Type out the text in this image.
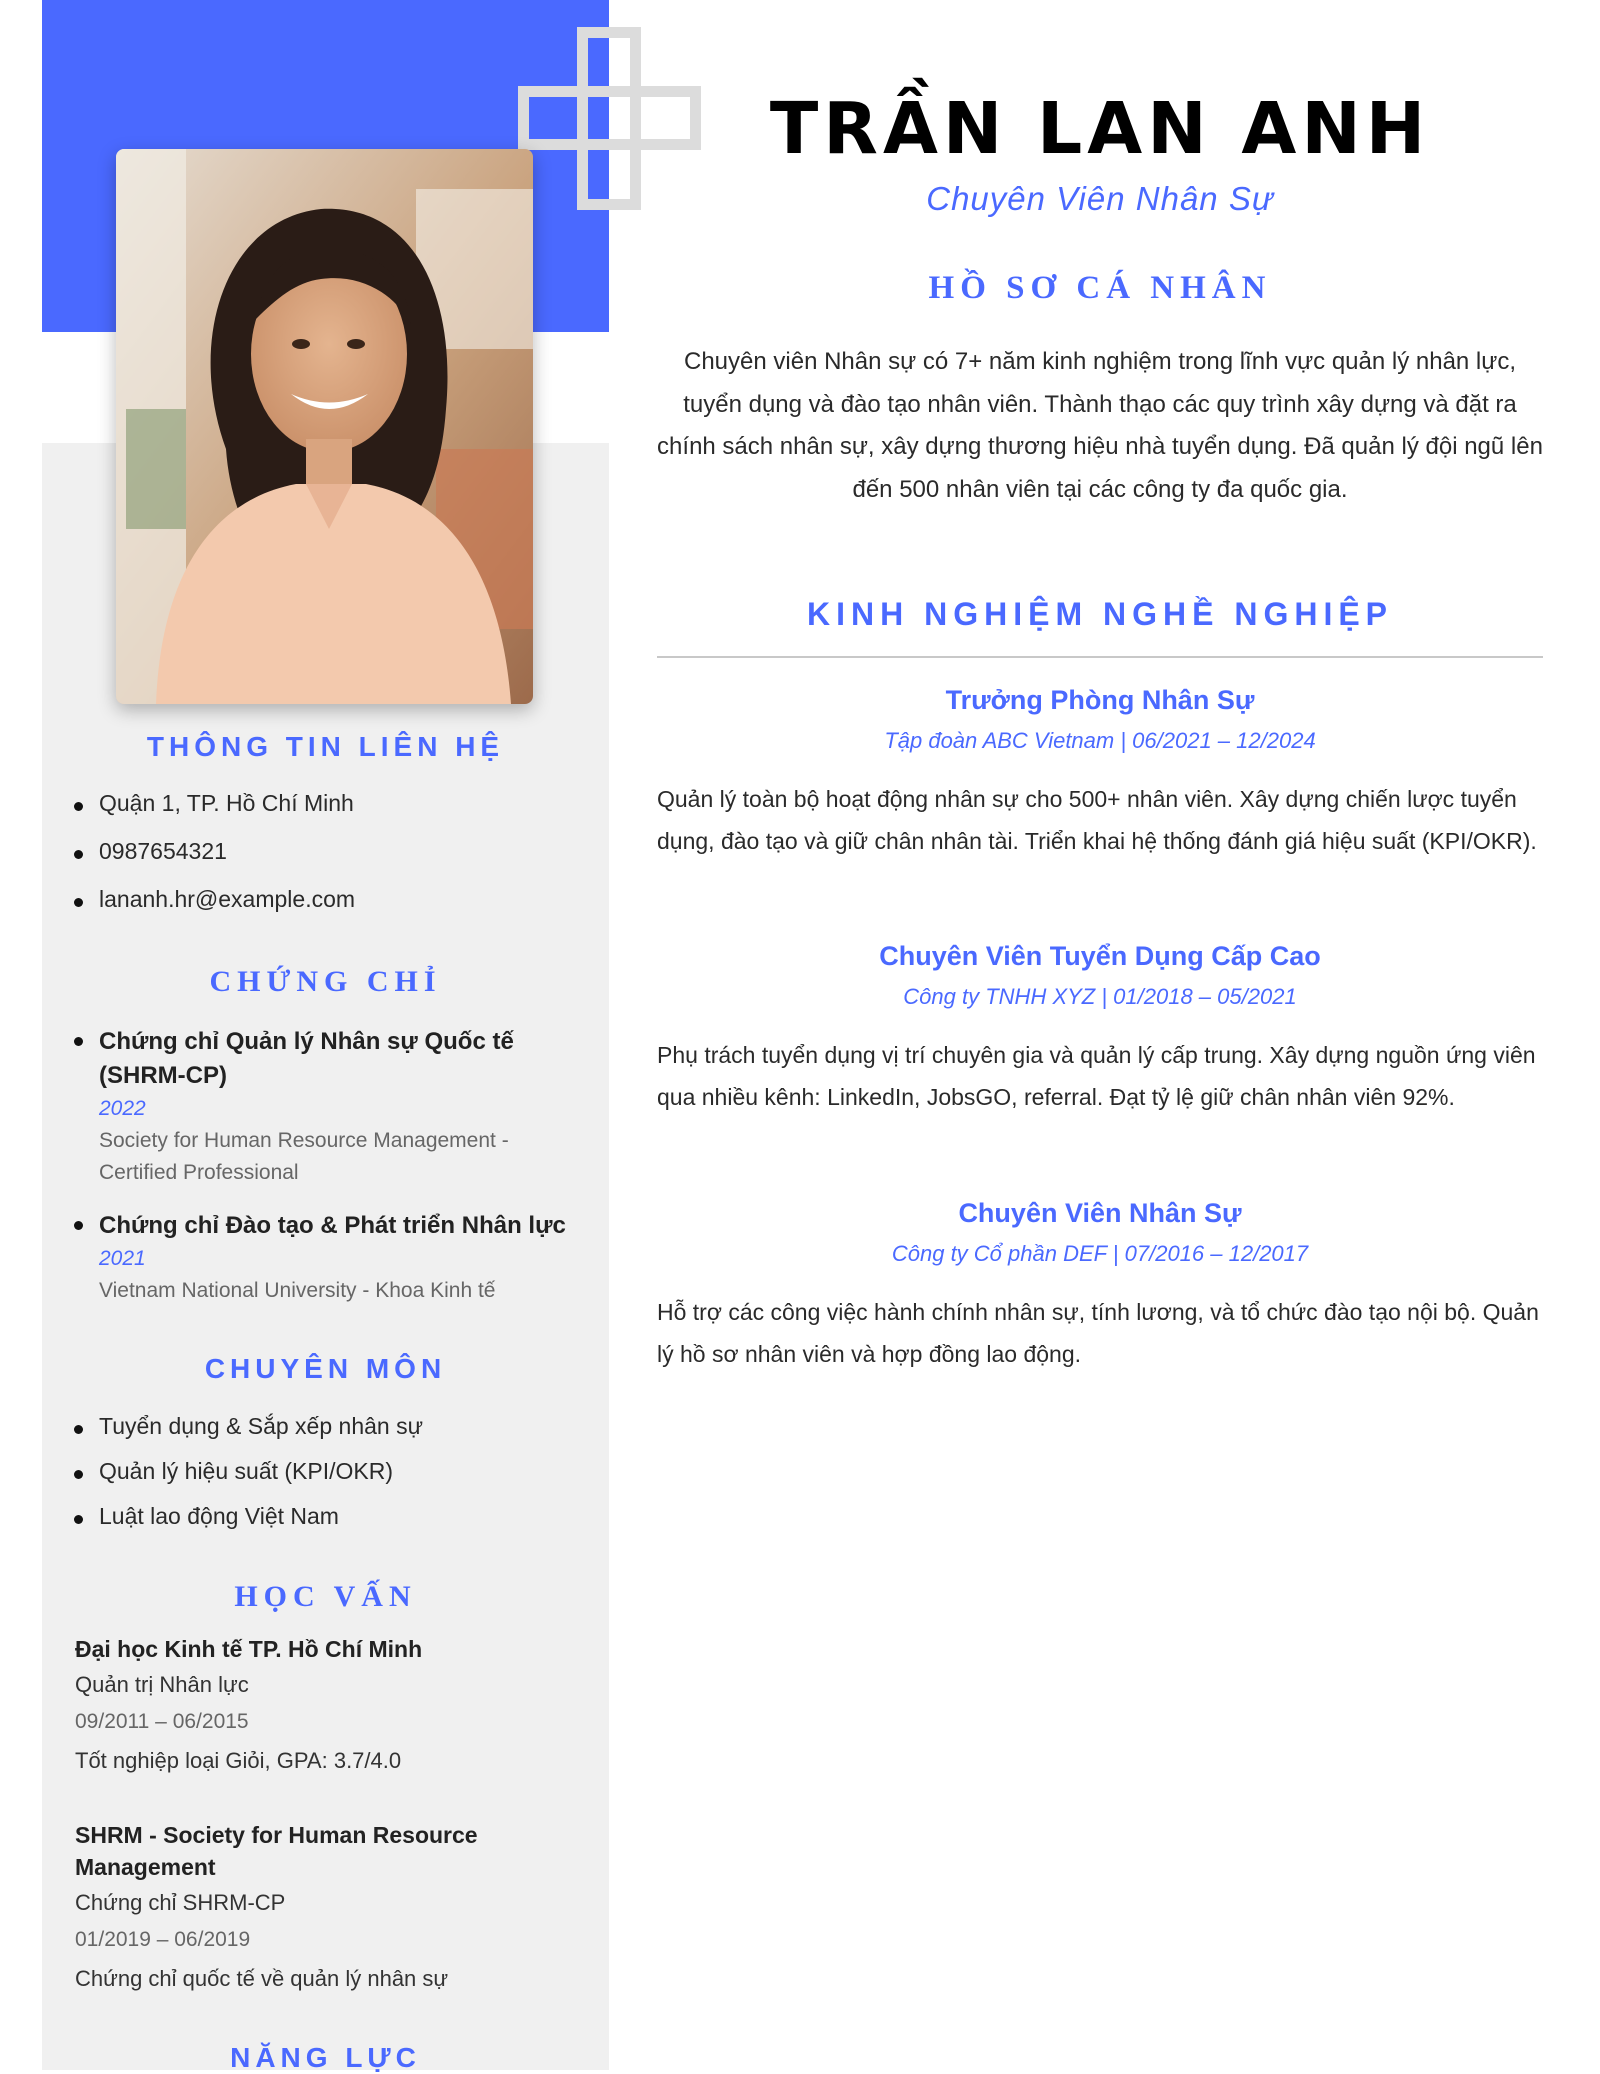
THÔNG TIN LIÊN HỆ
Quận 1, TP. Hồ Chí Minh
0987654321
lananh.hr@example.com
CHỨNG CHỈ
Chứng chỉ Quản lý Nhân sự Quốc tế (SHRM-CP)
2022
Society for Human Resource Management - Certified Professional
Chứng chỉ Đào tạo & Phát triển Nhân lực
2021
Vietnam National University - Khoa Kinh tế
CHUYÊN MÔN
Tuyển dụng & Sắp xếp nhân sự
Quản lý hiệu suất (KPI/OKR)
Luật lao động Việt Nam
HỌC VẤN
Đại học Kinh tế TP. Hồ Chí Minh
Quản trị Nhân lực
09/2011 – 06/2015
Tốt nghiệp loại Giỏi, GPA: 3.7/4.0
SHRM - Society for Human Resource Management
Chứng chỉ SHRM-CP
01/2019 – 06/2019
Chứng chỉ quốc tế về quản lý nhân sự
NĂNG LỰC
TRẦN LAN ANH
Chuyên Viên Nhân Sự
HỒ SƠ CÁ NHÂN
Chuyên viên Nhân sự có 7+ năm kinh nghiệm trong lĩnh vực quản lý nhân lực, tuyển dụng và đào tạo nhân viên. Thành thạo các quy trình xây dựng và đặt ra chính sách nhân sự, xây dựng thương hiệu nhà tuyển dụng. Đã quản lý đội ngũ lên đến 500 nhân viên tại các công ty đa quốc gia.
KINH NGHIỆM NGHỀ NGHIỆP
Trưởng Phòng Nhân Sự
Tập đoàn ABC Vietnam | 06/2021 – 12/2024
Quản lý toàn bộ hoạt động nhân sự cho 500+ nhân viên. Xây dựng chiến lược tuyển dụng, đào tạo và giữ chân nhân tài. Triển khai hệ thống đánh giá hiệu suất (KPI/OKR).
Chuyên Viên Tuyển Dụng Cấp Cao
Công ty TNHH XYZ | 01/2018 – 05/2021
Phụ trách tuyển dụng vị trí chuyên gia và quản lý cấp trung. Xây dựng nguồn ứng viên qua nhiều kênh: LinkedIn, JobsGO, referral. Đạt tỷ lệ giữ chân nhân viên 92%.
Chuyên Viên Nhân Sự
Công ty Cổ phần DEF | 07/2016 – 12/2017
Hỗ trợ các công việc hành chính nhân sự, tính lương, và tổ chức đào tạo nội bộ. Quản lý hồ sơ nhân viên và hợp đồng lao động.
